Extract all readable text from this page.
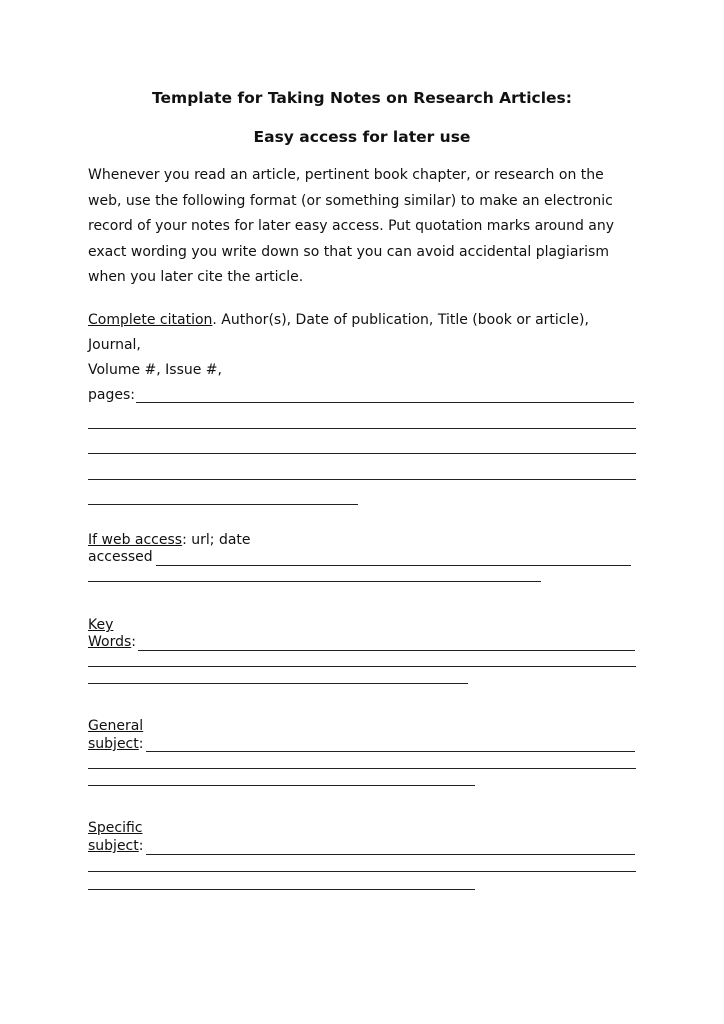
Template for Taking Notes on Research Articles:
Easy access for later use
Whenever you read an article, pertinent book chapter, or research on the
web, use the following format (or something similar) to make an electronic
record of your notes for later easy access. Put quotation marks around any
exact wording you write down so that you can avoid accidental plagiarism
when you later cite the article.
Complete citation. Author(s), Date of publication, Title (book or article),
Journal,
Volume #, Issue #,
pages:
If web access: url; date
accessed
Key
Words:
General
subject:
Specific
subject:
